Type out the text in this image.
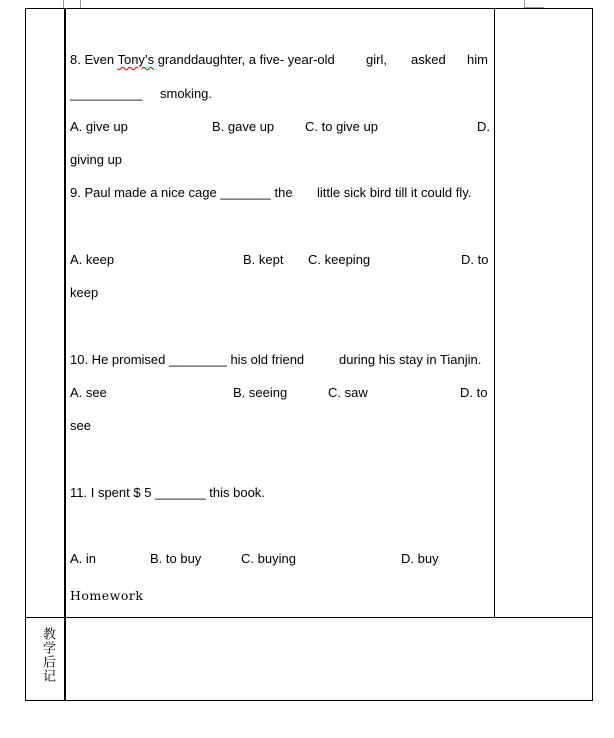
8. Even Tony’s granddaughter, a five- year-old girl, asked him
__________ smoking.
A. give up	B. gave up C. to give up	D.
giving up
9. Paul made a nice cage _______ the little sick bird till it could fly.
A. keep	B. kept C. keeping	D. to
keep
10. He promised ________ his old friend	during his stay in Tianjin.
A. see	B. seeing	C. saw	D. to
see
11. I spent $ 5 _______ this book.
A. in	B. to buy	C. buying	D. buy
Homework
教学后记
